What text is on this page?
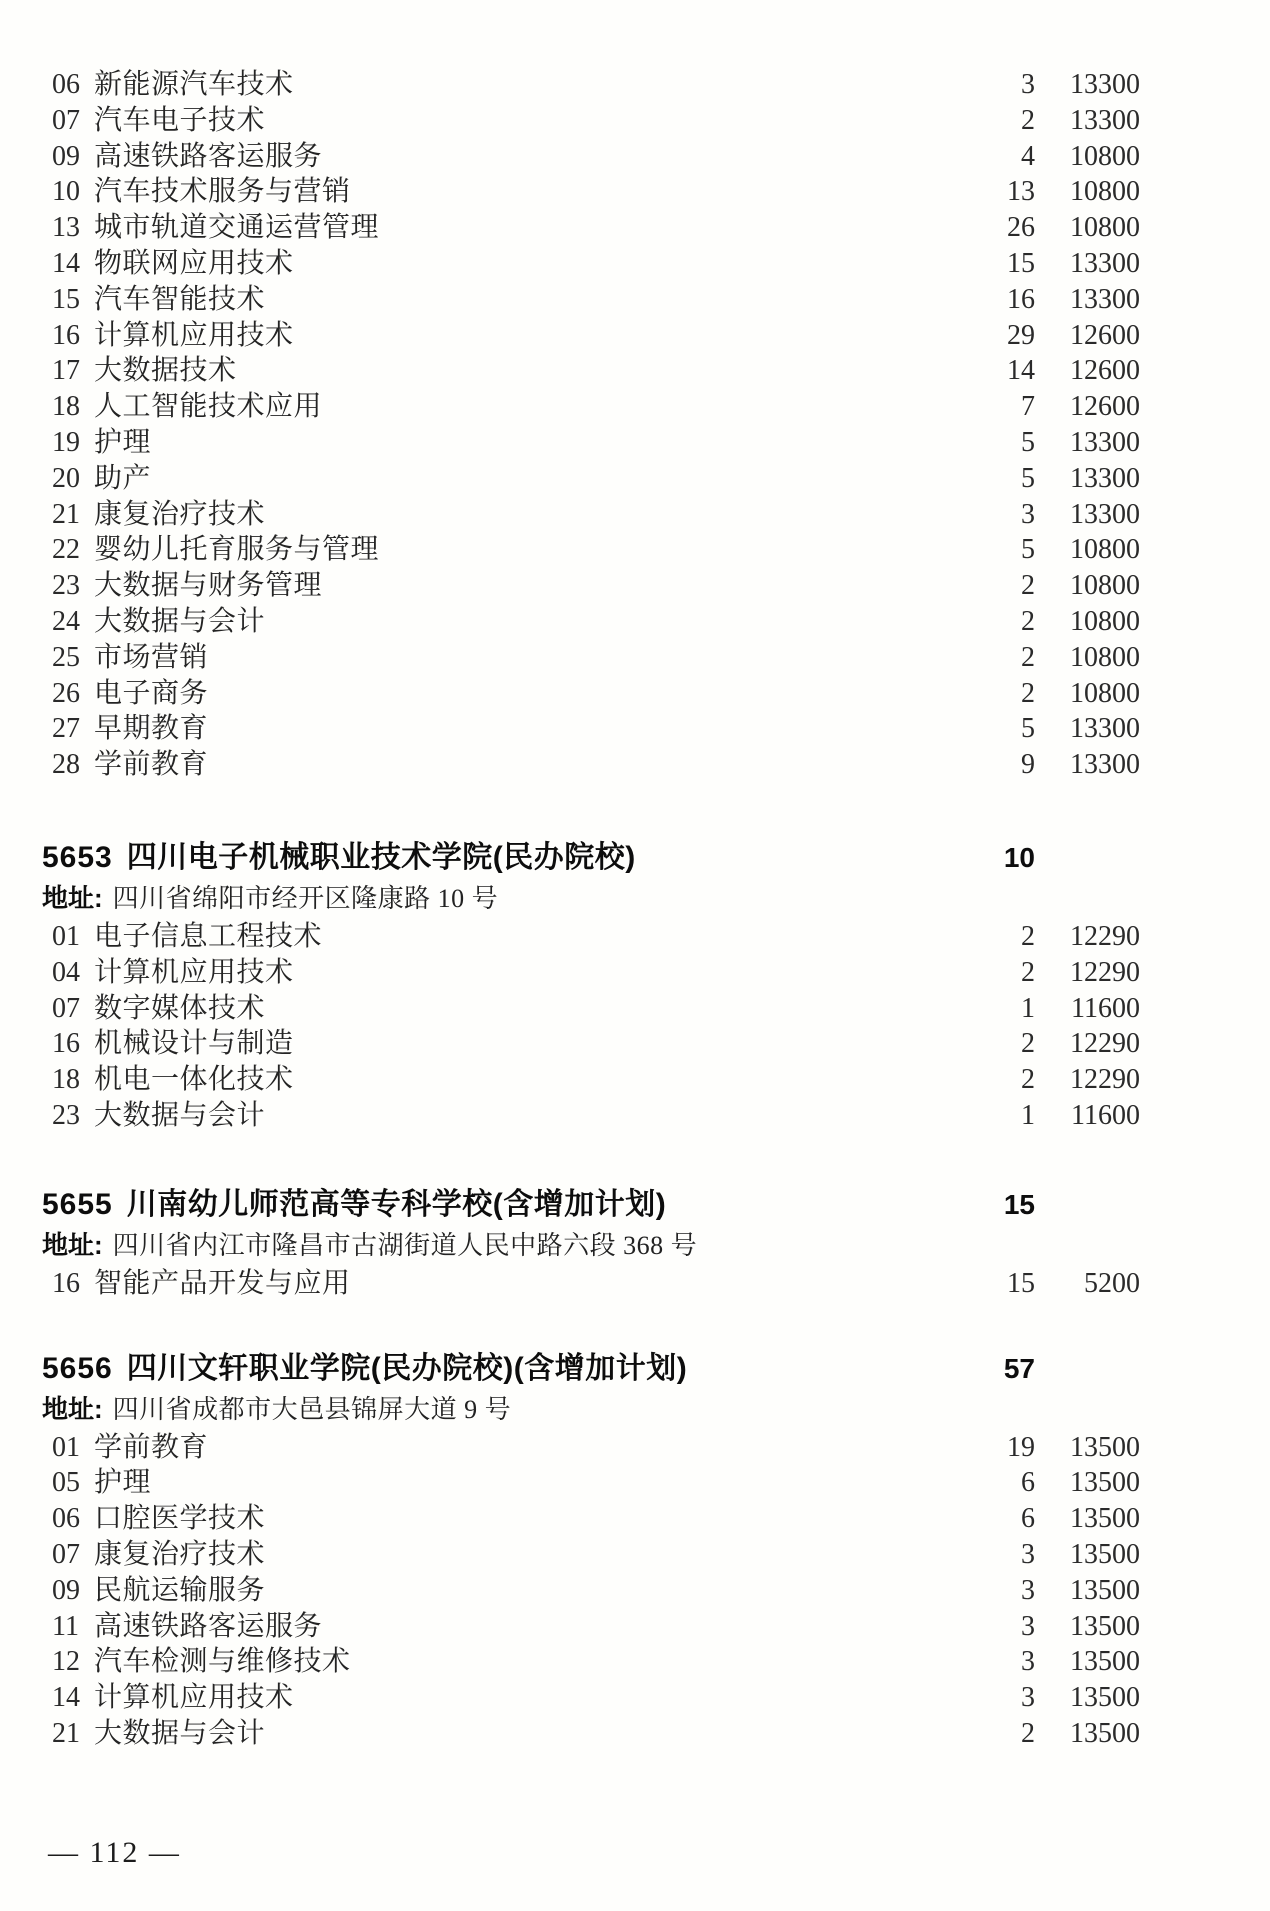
06 新能源汽车技术	3	13300
07 汽车电子技术	2	13300
09 高速铁路客运服务	4	10800
10 汽车技术服务与营销	13	10800
13 城市轨道交通运营管理	26	10800
14 物联网应用技术	15	13300
15 汽车智能技术	16	13300
16 计算机应用技术	29	12600
17 大数据技术	14	12600
18 人工智能技术应用	7	12600
19 护理	5	13300
20 助产	5	13300
21 康复治疗技术	3	13300
22 婴幼儿托育服务与管理	5	10800
23 大数据与财务管理	2	10800
24 大数据与会计	2	10800
25 市场营销	2	10800
26 电子商务	2	10800
27 早期教育	5	13300
28 学前教育	9	13300
5653 四川电子机械职业技术学院(民办院校)	10
地址: 四川省绵阳市经开区隆康路 10 号
01 电子信息工程技术	2	12290
04 计算机应用技术	2	12290
07 数字媒体技术	1	11600
16 机械设计与制造	2	12290
18 机电一体化技术	2	12290
23 大数据与会计	1	11600
5655 川南幼儿师范高等专科学校(含增加计划)	15
地址: 四川省内江市隆昌市古湖街道人民中路六段 368 号
16 智能产品开发与应用	15	5200
5656 四川文轩职业学院(民办院校)(含增加计划)	57
地址: 四川省成都市大邑县锦屏大道 9 号
01 学前教育	19	13500
05 护理	6	13500
06 口腔医学技术	6	13500
07 康复治疗技术	3	13500
09 民航运输服务	3	13500
11 高速铁路客运服务	3	13500
12 汽车检测与维修技术	3	13500
14 计算机应用技术	3	13500
21 大数据与会计	2	13500
— 112 —
